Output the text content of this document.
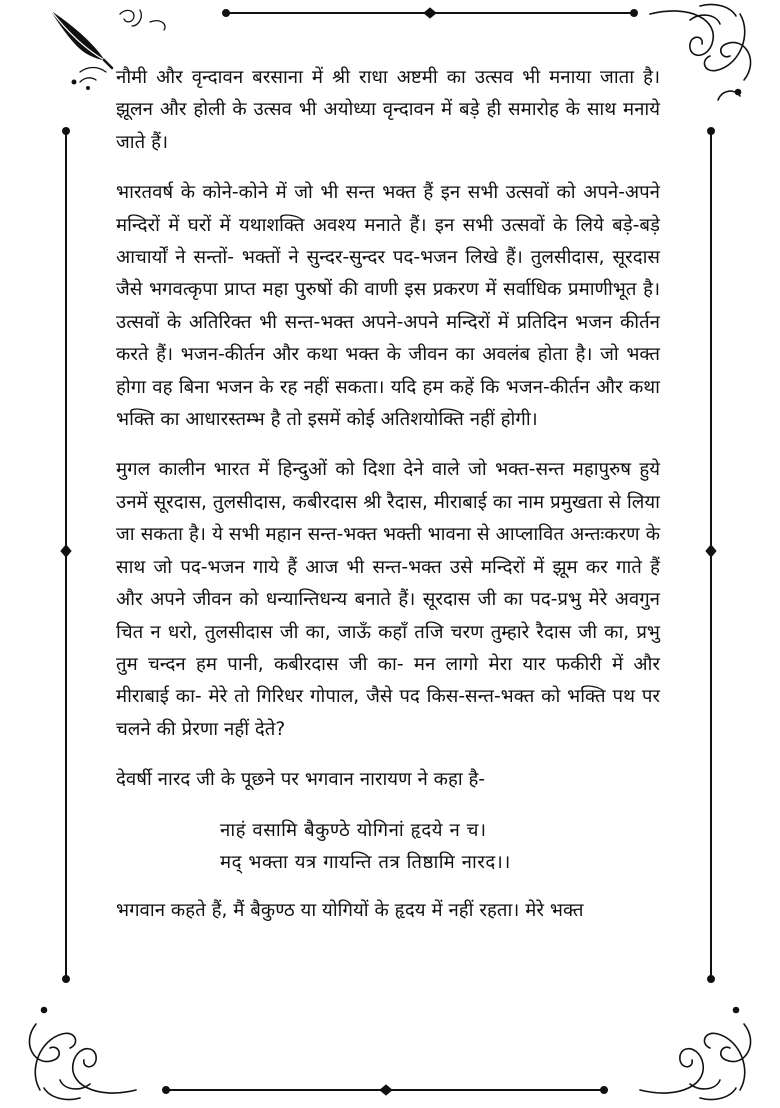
नौमी और वृन्दावन बरसाना में श्री राधा अष्टमी का उत्सव भी मनाया जाता है। झूलन और होली के उत्सव भी अयोध्या वृन्दावन में बड़े ही समारोह के साथ मनाये जाते हैं।

भारतवर्ष के कोने-कोने में जो भी सन्त भक्त हैं इन सभी उत्सवों को अपने-अपने मन्दिरों में घरों में यथाशक्ति अवश्य मनाते हैं। इन सभी उत्सवों के लिये बड़े-बड़े आचार्यों ने सन्तों- भक्तों ने सुन्दर-सुन्दर पद-भजन लिखे हैं। तुलसीदास, सूरदास जैसे भगवत्कृपा प्राप्त महा पुरुषों की वाणी इस प्रकरण में सर्वाधिक प्रमाणीभूत है। उत्सवों के अतिरिक्त भी सन्त-भक्त अपने-अपने मन्दिरों में प्रतिदिन भजन कीर्तन करते हैं। भजन-कीर्तन और कथा भक्त के जीवन का अवलंब होता है। जो भक्त होगा वह बिना भजन के रह नहीं सकता। यदि हम कहें कि भजन-कीर्तन और कथा भक्ति का आधारस्तम्भ है तो इसमें कोई अतिशयोक्ति नहीं होगी।

मुगल कालीन भारत में हिन्दुओं को दिशा देने वाले जो भक्त-सन्त महापुरुष हुये उनमें सूरदास, तुलसीदास, कबीरदास श्री रैदास, मीराबाई का नाम प्रमुखता से लिया जा सकता है। ये सभी महान सन्त-भक्त भक्ती भावना से आप्लावित अन्तःकरण के साथ जो पद-भजन गाये हैं आज भी सन्त-भक्त उसे मन्दिरों में झूम कर गाते हैं और अपने जीवन को धन्यान्तिधन्य बनाते हैं। सूरदास जी का पद-प्रभु मेरे अवगुन चित न धरो, तुलसीदास जी का, जाऊँ कहाँ तजि चरण तुम्हारे रैदास जी का, प्रभु तुम चन्दन हम पानी, कबीरदास जी का- मन लागो मेरा यार फकीरी में और मीराबाई का- मेरे तो गिरिधर गोपाल, जैसे पद किस-सन्त-भक्त को भक्ति पथ पर चलने की प्रेरणा नहीं देते?

देवर्षी नारद जी के पूछने पर भगवान नारायण ने कहा है-

नाहं वसामि बैकुण्ठे योगिनां हृदये न च।
मद् भक्ता यत्र गायन्ति तत्र तिष्ठामि नारद।।

भगवान कहते हैं, मैं बैकुण्ठ या योगियों के हृदय में नहीं रहता। मेरे भक्त
